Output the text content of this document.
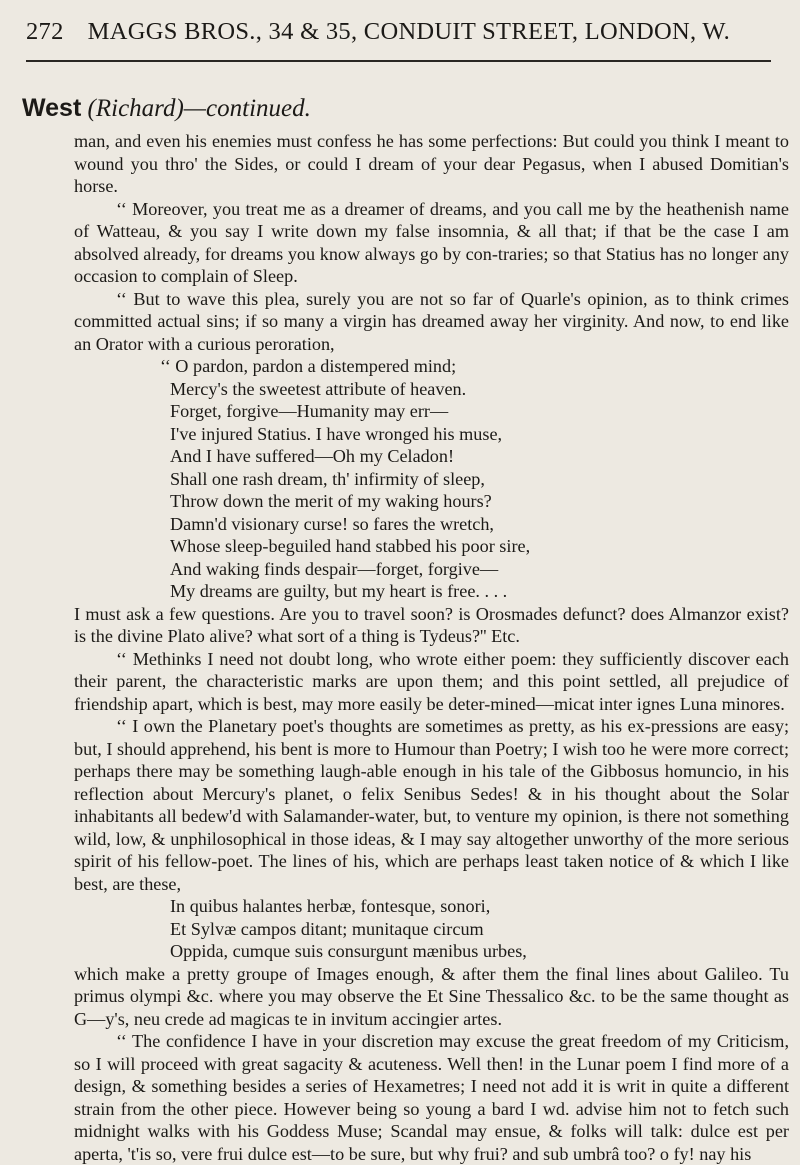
272 MAGGS BROS., 34 & 35, CONDUIT STREET, LONDON, W.
West (Richard)—continued.

man, and even his enemies must confess he has some perfections: But could you think I meant to wound you thro' the Sides, or could I dream of your dear Pegasus, when I abused Domitian's horse.

‘‘ Moreover, you treat me as a dreamer of dreams, and you call me by the heathenish name of Watteau, & you say I write down my false insomnia, & all that; if that be the case I am absolved already, for dreams you know always go by con-traries; so that Statius has no longer any occasion to complain of Sleep.

‘‘ But to wave this plea, surely you are not so far of Quarle's opinion, as to think crimes committed actual sins; if so many a virgin has dreamed away her virginity. And now, to end like an Orator with a curious peroration,

‘‘ O pardon, pardon a distempered mind;
Mercy's the sweetest attribute of heaven.
Forget, forgive—Humanity may err—
I've injured Statius. I have wronged his muse,
And I have suffered—Oh my Celadon!
Shall one rash dream, th' infirmity of sleep,
Throw down the merit of my waking hours?
Damn'd visionary curse! so fares the wretch,
Whose sleep-beguiled hand stabbed his poor sire,
And waking finds despair—forget, forgive—
My dreams are guilty, but my heart is free. . . .

I must ask a few questions. Are you to travel soon? is Orosmades defunct? does Almanzor exist? is the divine Plato alive? what sort of a thing is Tydeus?'' Etc.

‘‘ Methinks I need not doubt long, who wrote either poem: they sufficiently discover each their parent, the characteristic marks are upon them; and this point settled, all prejudice of friendship apart, which is best, may more easily be deter-mined—micat inter ignes Luna minores.

‘‘ I own the Planetary poet's thoughts are sometimes as pretty, as his ex-pressions are easy; but, I should apprehend, his bent is more to Humour than Poetry; I wish too he were more correct; perhaps there may be something laugh-able enough in his tale of the Gibbosus homuncio, in his reflection about Mercury's planet, o felix Senibus Sedes! & in his thought about the Solar inhabitants all bedew'd with Salamander-water, but, to venture my opinion, is there not something wild, low, & unphilosophical in those ideas, & I may say altogether unworthy of the more serious spirit of his fellow-poet. The lines of his, which are perhaps least taken notice of & which I like best, are these,

In quibus halantes herbæ, fontesque, sonori,
Et Sylvæ campos ditant; munitaque circum
Oppida, cumque suis consurgunt mænibus urbes,

which make a pretty groupe of Images enough, & after them the final lines about Galileo. Tu primus olympi &c. where you may observe the Et Sine Thessalico &c. to be the same thought as G—y's, neu crede ad magicas te in invitum accingier artes.

‘‘ The confidence I have in your discretion may excuse the great freedom of my Criticism, so I will proceed with great sagacity & acuteness. Well then! in the Lunar poem I find more of a design, & something besides a series of Hexametres; I need not add it is writ in quite a different strain from the other piece. However being so young a bard I wd. advise him not to fetch such midnight walks with his Goddess Muse; Scandal may ensue, & folks will talk: dulce est per aperta, 't'is so, vere frui dulce est—to be sure, but why frui? and sub umbrâ too? o fy! nay his
